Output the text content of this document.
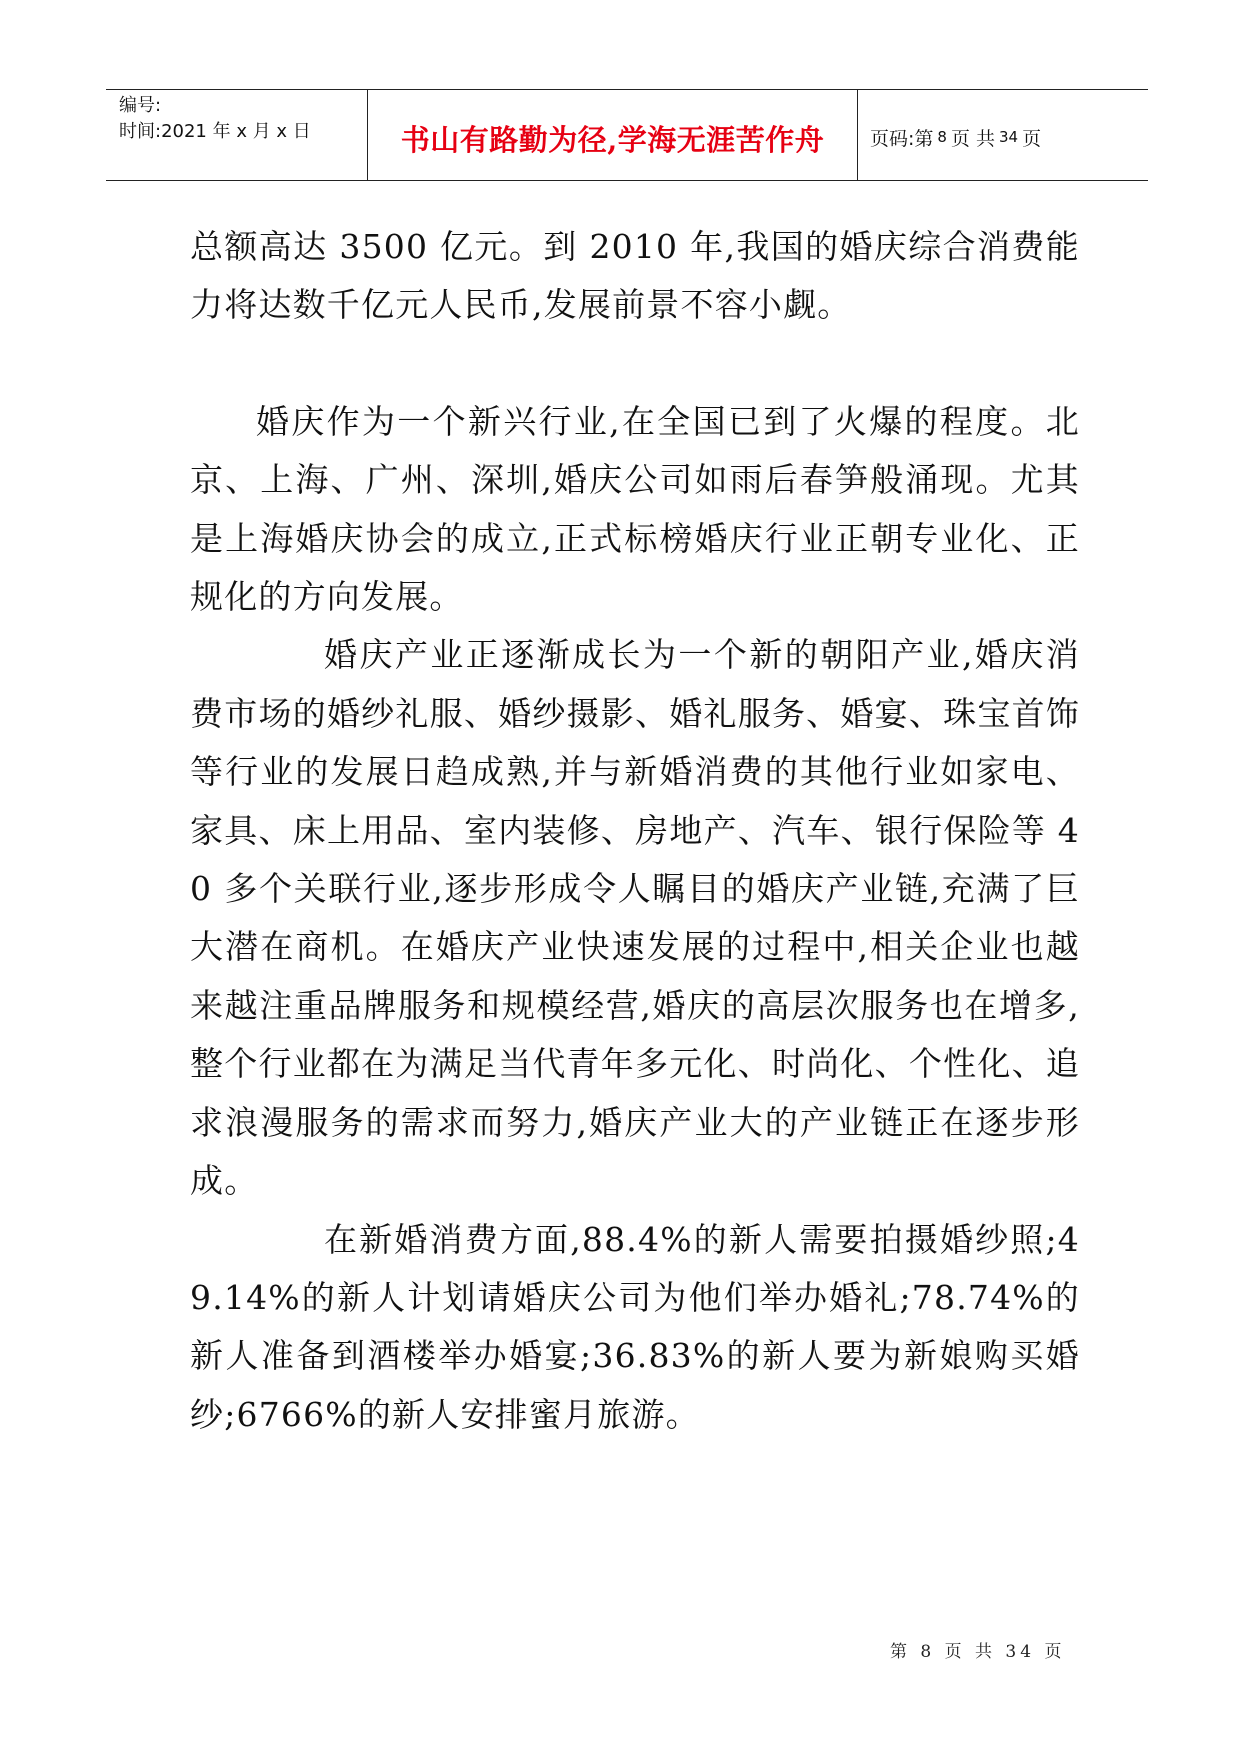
编号:
时间:2021 年 x 月 x 日	书山有路勤为径,学海无涯苦作舟 页码:第 8 页 共 34 页

总额高达 3500 亿元。到 2010 年,我国的婚庆综合消费能力将达数千亿元人民币,发展前景不容小觑。

婚庆作为一个新兴行业,在全国已到了火爆的程度。北京、上海、广州、深圳,婚庆公司如雨后春笋般涌现。尤其是上海婚庆协会的成立,正式标榜婚庆行业正朝专业化、正规化的方向发展。

婚庆产业正逐渐成长为一个新的朝阳产业,婚庆消费市场的婚纱礼服、婚纱摄影、婚礼服务、婚宴、珠宝首饰等行业的发展日趋成熟,并与新婚消费的其他行业如家电、家具、床上用品、室内装修、房地产、汽车、银行保险等 40 多个关联行业,逐步形成令人瞩目的婚庆产业链,充满了巨大潜在商机。在婚庆产业快速发展的过程中,相关企业也越来越注重品牌服务和规模经营,婚庆的高层次服务也在增多,整个行业都在为满足当代青年多元化、时尚化、个性化、追求浪漫服务的需求而努力,婚庆产业大的产业链正在逐步形成。

在新婚消费方面,88.4%的新人需要拍摄婚纱照;49.14%的新人计划请婚庆公司为他们举办婚礼;78.74%的新人准备到酒楼举办婚宴;36.83%的新人要为新娘购买婚纱;6766%的新人安排蜜月旅游。

第 8 页 共 34 页
